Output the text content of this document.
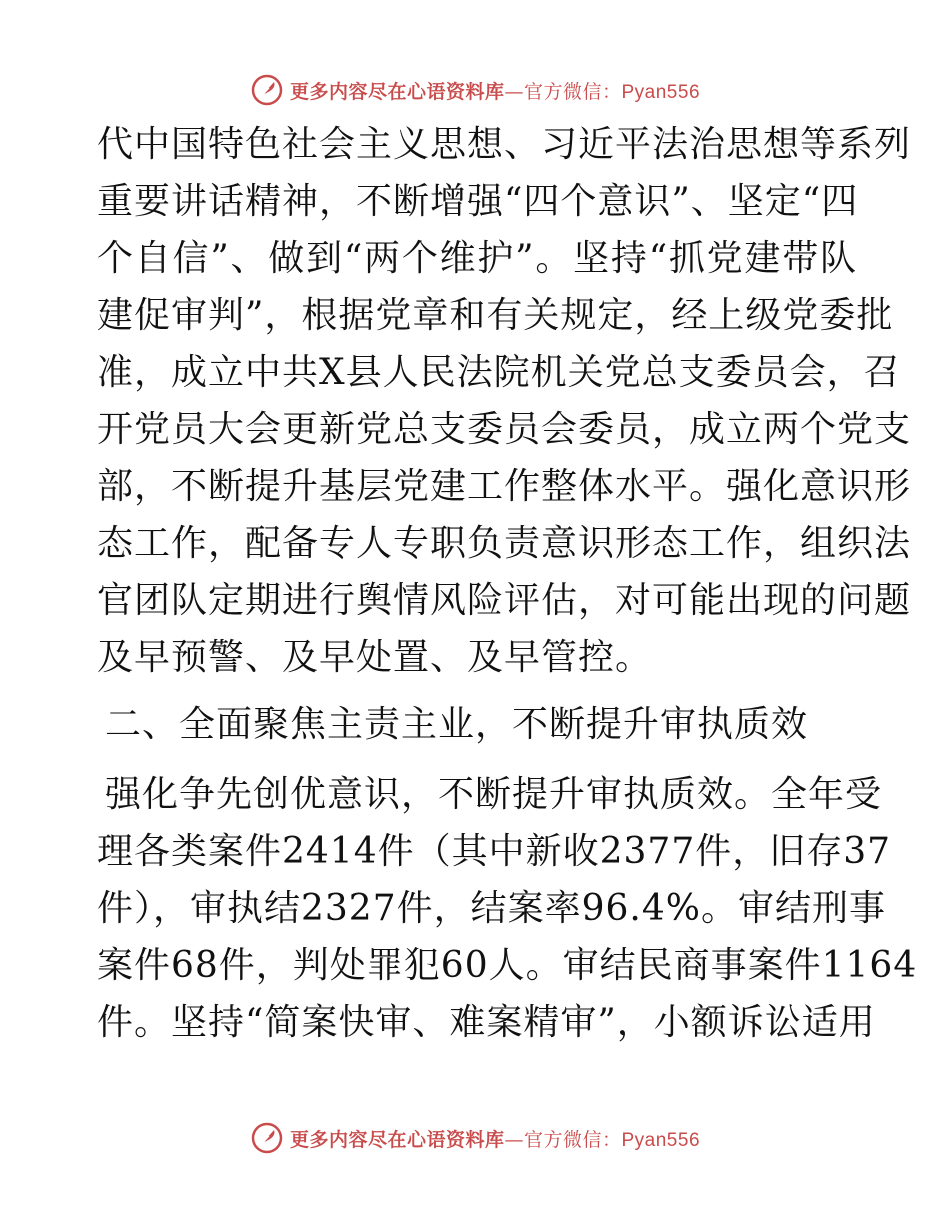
更多内容尽在心语资料库—官方微信：Pyan556
代中国特色社会主义思想、习近平法治思想等系列
重要讲话精神，不断增强“四个意识”、坚定“四
个自信”、做到“两个维护”。坚持“抓党建带队
建促审判”，根据党章和有关规定，经上级党委批
准，成立中共X县人民法院机关党总支委员会，召
开党员大会更新党总支委员会委员，成立两个党支
部，不断提升基层党建工作整体水平。强化意识形
态工作，配备专人专职负责意识形态工作，组织法
官团队定期进行舆情风险评估，对可能出现的问题
及早预警、及早处置、及早管控。
二、全面聚焦主责主业，不断提升审执质效
强化争先创优意识，不断提升审执质效。全年受
理各类案件2414件（其中新收2377件，旧存37
件），审执结2327件，结案率96.4%。审结刑事
案件68件，判处罪犯60人。审结民商事案件1164
件。坚持“简案快审、难案精审”，小额诉讼适用
更多内容尽在心语资料库—官方微信：Pyan556
